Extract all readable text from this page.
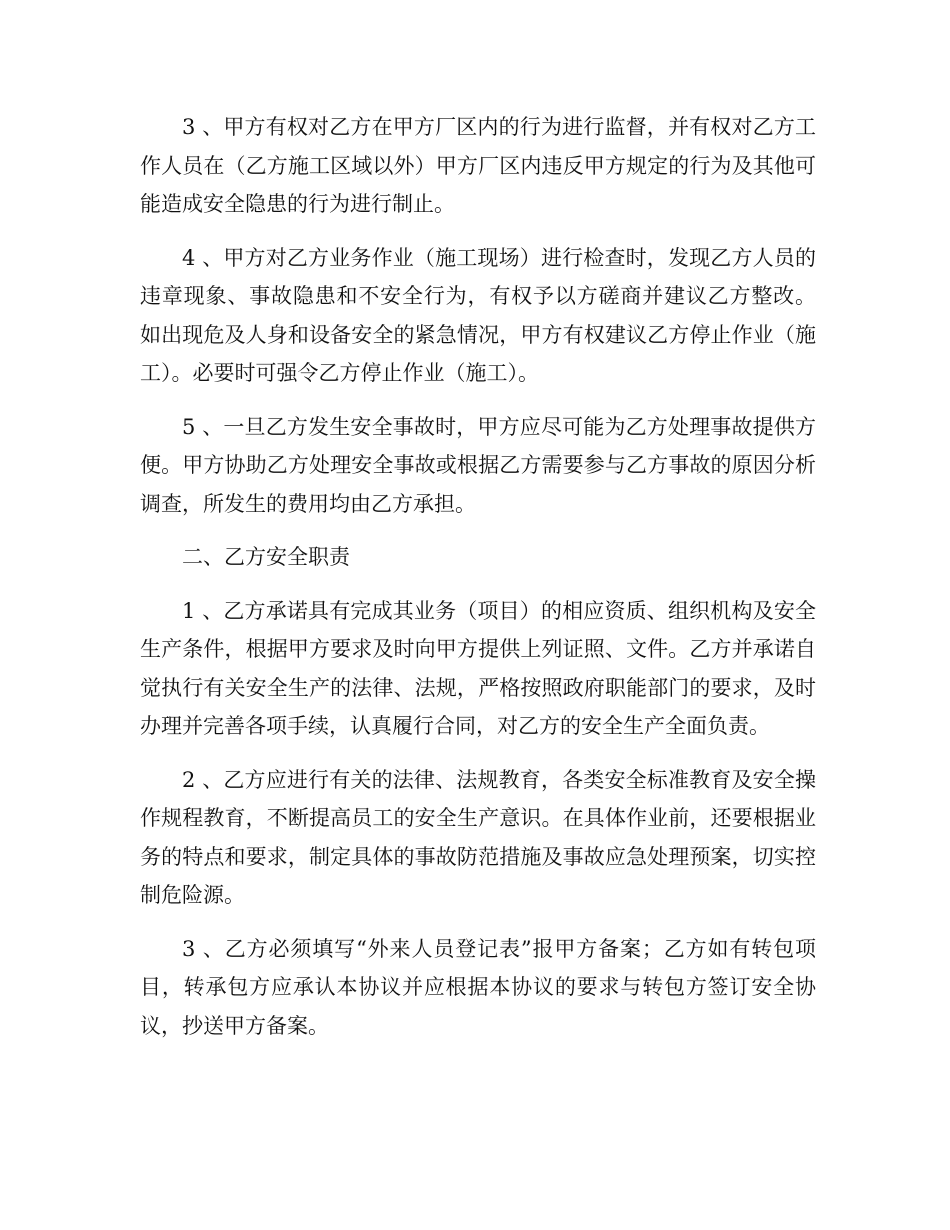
3 、甲方有权对乙方在甲方厂区内的行为进行监督，并有权对乙方工作人员在（乙方施工区域以外）甲方厂区内违反甲方规定的行为及其他可能造成安全隐患的行为进行制止。

4 、甲方对乙方业务作业（施工现场）进行检查时，发现乙方人员的违章现象、事故隐患和不安全行为，有权予以方磋商并建议乙方整改。 如出现危及人身和设备安全的紧急情况，甲方有权建议乙方停止作业（施工）。必要时可强令乙方停止作业（施工）。

5 、一旦乙方发生安全事故时，甲方应尽可能为乙方处理事故提供方便。甲方协助乙方处理安全事故或根据乙方需要参与乙方事故的原因分析调查，所发生的费用均由乙方承担。

二、乙方安全职责

1 、乙方承诺具有完成其业务（项目）的相应资质、组织机构及安全生产条件，根据甲方要求及时向甲方提供上列证照、文件。乙方并承诺自觉执行有关安全生产的法律、法规，严格按照政府职能部门的要求，及时办理并完善各项手续，认真履行合同，对乙方的安全生产全面负责。

2 、乙方应进行有关的法律、法规教育，各类安全标准教育及安全操作规程教育，不断提高员工的安全生产意识。在具体作业前，还要根据业务的特点和要求，制定具体的事故防范措施及事故应急处理预案，切实控制危险源。

3 、乙方必须填写“外来人员登记表”报甲方备案；乙方如有转包项目，转承包方应承认本协议并应根据本协议的要求与转包方签订安全协议，抄送甲方备案。
